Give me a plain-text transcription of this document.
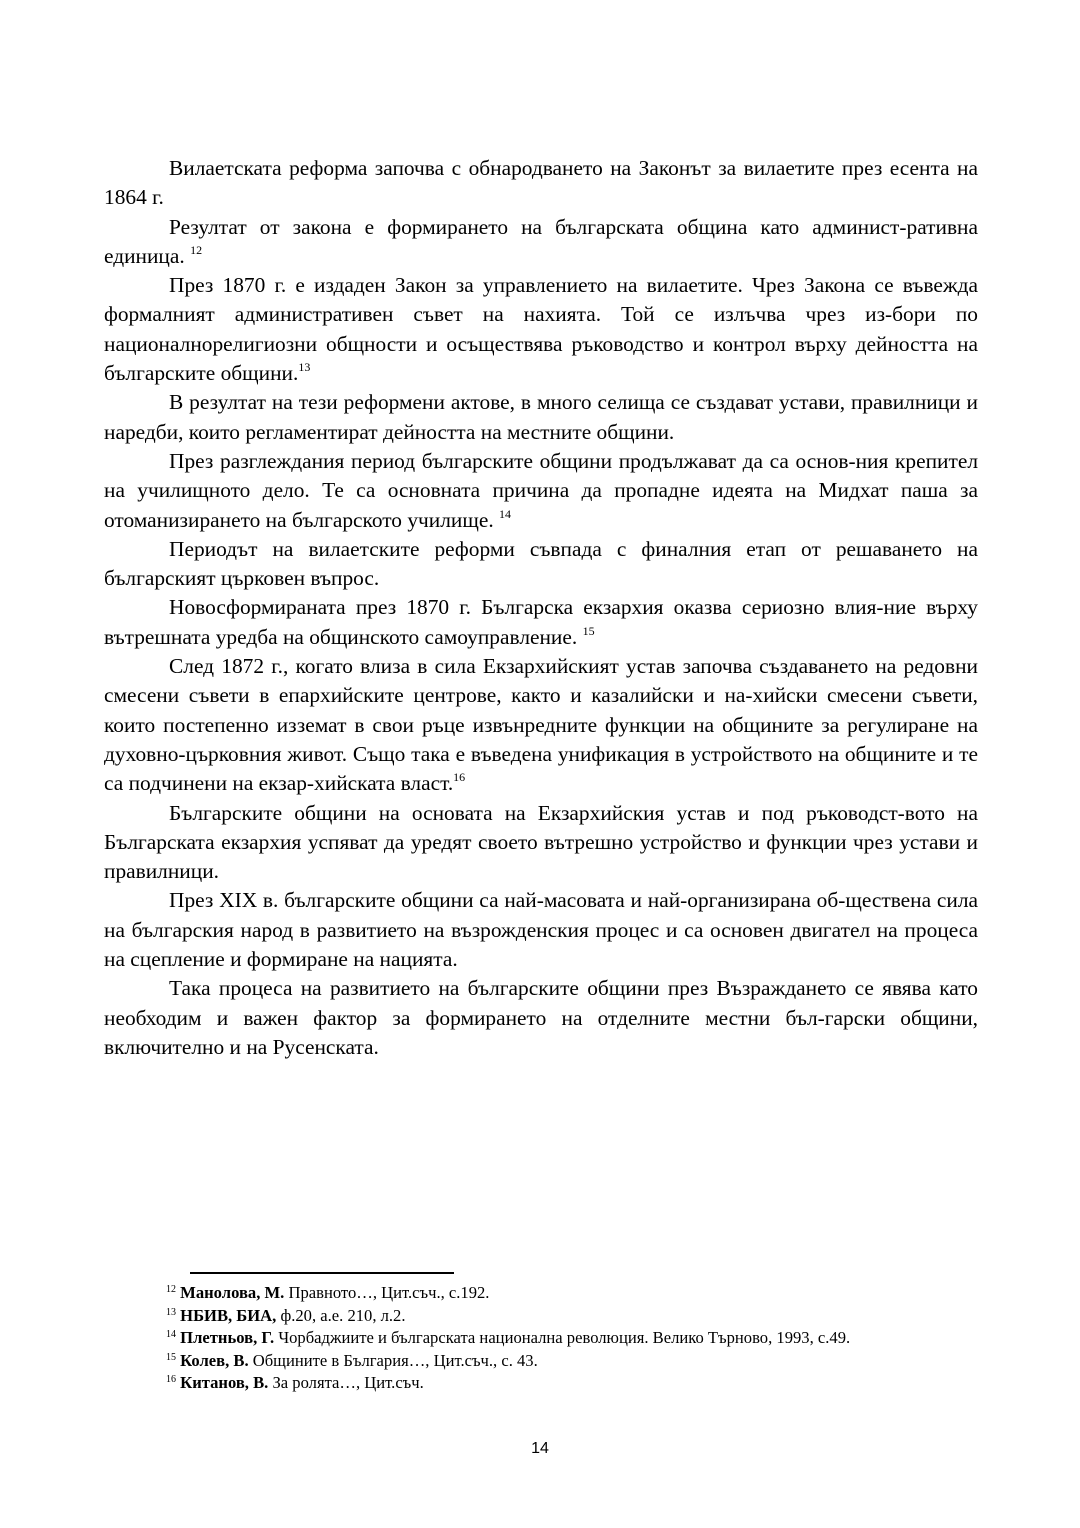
Вилаетската реформа започва с обнародването на Законът за вилаетите през есента на 1864 г.

Резултат от закона е формирането на българската община като админист-ративна единица. $^{12}$

През 1870 г. е издаден Закон за управлението на вилаетите. Чрез Закона се въвежда формалният административен съвет на нахията. Той се излъчва чрез из-бори по националнорелигиозни общности и осъществява ръководство и контрол върху дейността на българските общини.$^{13}$

В резултат на тези реформени актове, в много селища се създават устави, правилници и наредби, които регламентират дейността на местните общини.

През разглеждания период българските общини продължават да са основ-ния крепител на училищното дело. Те са основната причина да пропадне идеята на Мидхат паша за отоманизирането на българското училище. $^{14}$

Периодът на вилаетските реформи съвпада с финалния етап от решаването на българският църковен въпрос.

Новосформираната през 1870 г. Българска екзархия оказва сериозно влия-ние върху вътрешната уредба на общинското самоуправление. $^{15}$

След 1872 г., когато влиза в сила Екзархийският устав започва създаването на редовни смесени съвети в епархийските центрове, както и казалийски и на-хийски смесени съвети, които постепенно изземат в свои ръце извънредните функции на общините за регулиране на духовно-църковния живот. Също така е въведена унификация в устройството на общините и те са подчинени на екзар-хийската власт.$^{16}$

Българските общини на основата на Екзархийския устав и под ръководст-вото на Българската екзархия успяват да уредят своето вътрешно устройство и функции чрез устави и правилници.

През XIX в. българските общини са най-масовата и най-организирана об-ществена сила на българския народ в развитието на възрожденския процес и са основен двигател на процеса на сцепление и формиране на нацията.

Така процеса на развитието на българските общини през Възраждането се явява като необходим и важен фактор за формирането на отделните местни бъл-гарски общини, включително и на Русенската.

$^{12}$ Манолова, М. Правното…, Цит.съч., с.192.

$^{13}$ НБИВ, БИА, ф.20, а.е. 210, л.2.

$^{14}$ Плетньов, Г. Чорбаджиите и българската национална революция. Велико Търново, 1993, с.49.

$^{15}$ Колев, В. Общините в България…, Цит.съч., с. 43.

$^{16}$ Китанов, В. За ролята…, Цит.съч.

14
